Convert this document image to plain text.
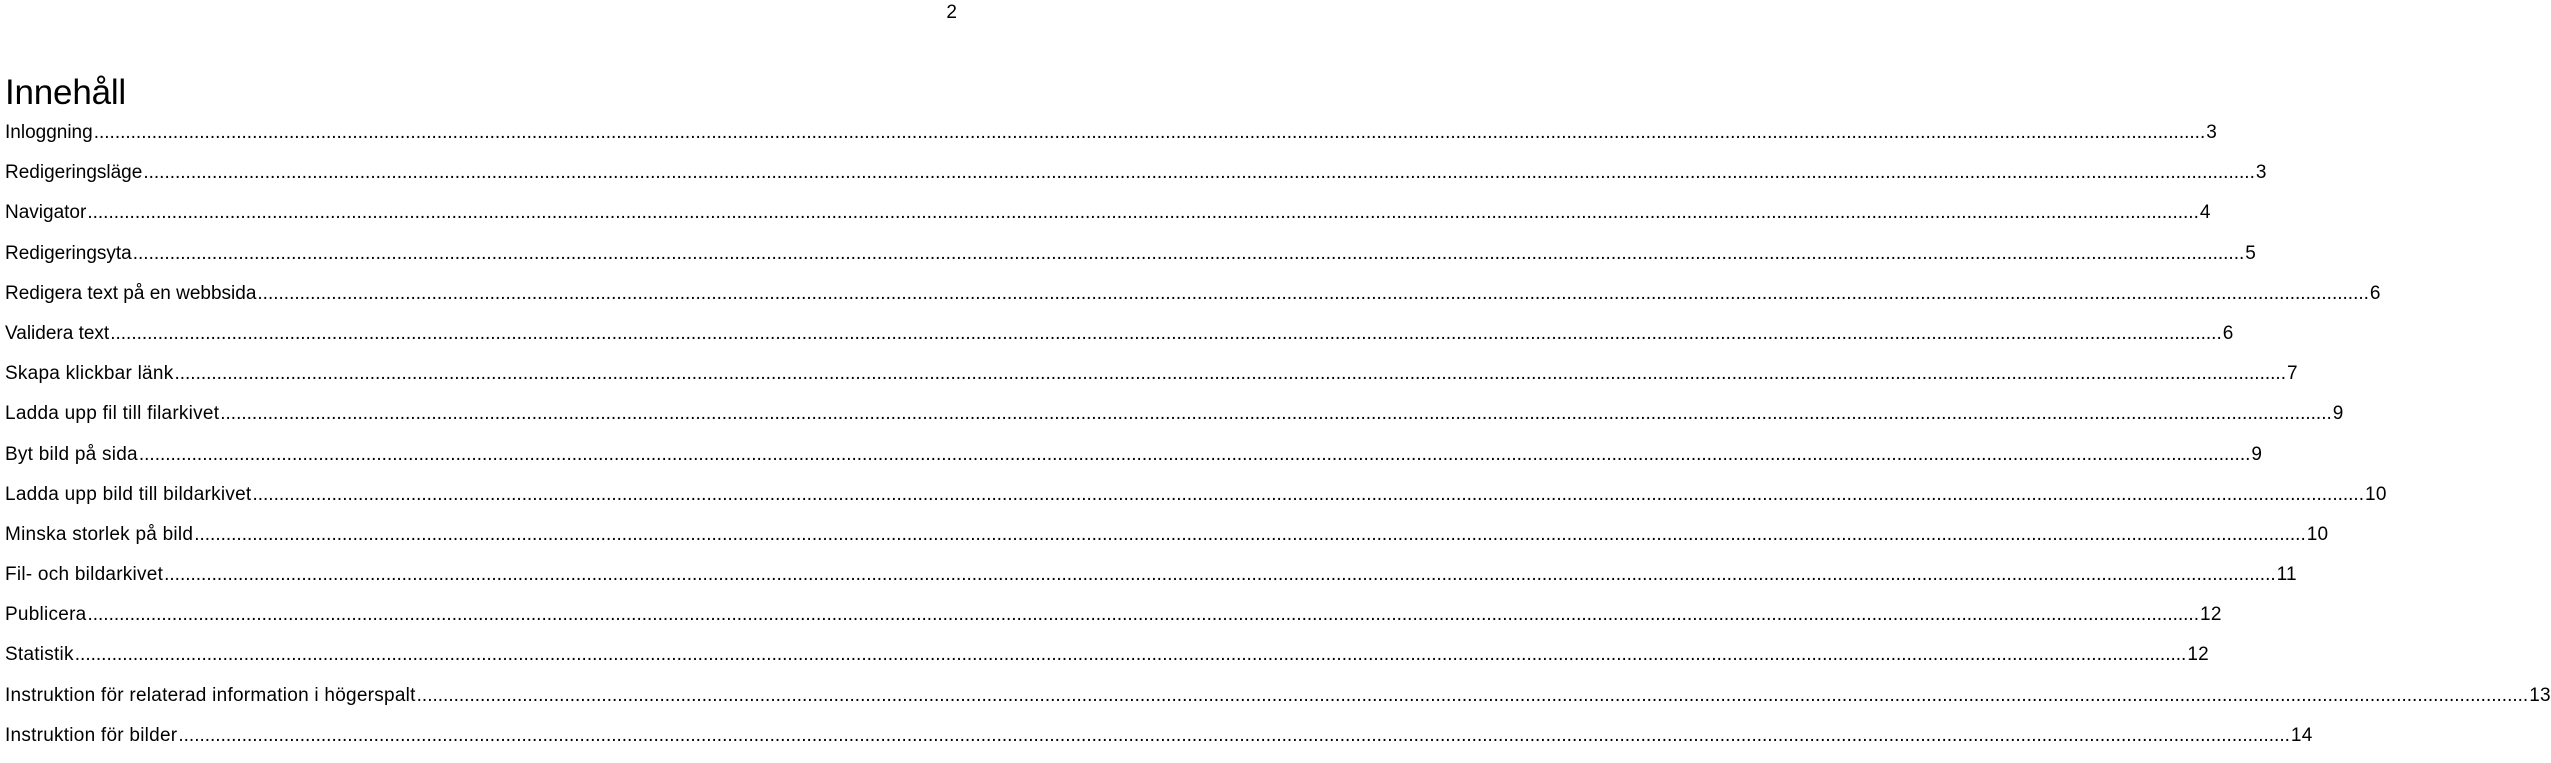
2
Innehåll
Inloggning ................................................................................................................................................................................................................................................................................................................................................................................................................ 3
Redigeringsläge ................................................................................................................................................................................................................................................................................................................................................................................................................ 3
Navigator ................................................................................................................................................................................................................................................................................................................................................................................................................ 4
Redigeringsyta ................................................................................................................................................................................................................................................................................................................................................................................................................ 5
Redigera text på en webbsida ................................................................................................................................................................................................................................................................................................................................................................................................................ 6
Validera text ................................................................................................................................................................................................................................................................................................................................................................................................................ 6
Skapa klickbar länk ................................................................................................................................................................................................................................................................................................................................................................................................................ 7
Ladda upp fil till filarkivet ................................................................................................................................................................................................................................................................................................................................................................................................................ 9
Byt bild på sida ................................................................................................................................................................................................................................................................................................................................................................................................................ 9
Ladda upp bild till bildarkivet ................................................................................................................................................................................................................................................................................................................................................................................................................ 10
Minska storlek på bild ................................................................................................................................................................................................................................................................................................................................................................................................................ 10
Fil- och bildarkivet ................................................................................................................................................................................................................................................................................................................................................................................................................ 11
Publicera ................................................................................................................................................................................................................................................................................................................................................................................................................ 12
Statistik ................................................................................................................................................................................................................................................................................................................................................................................................................ 12
Instruktion för relaterad information i högerspalt ................................................................................................................................................................................................................................................................................................................................................................................................................ 13
Instruktion för bilder ................................................................................................................................................................................................................................................................................................................................................................................................................ 14
